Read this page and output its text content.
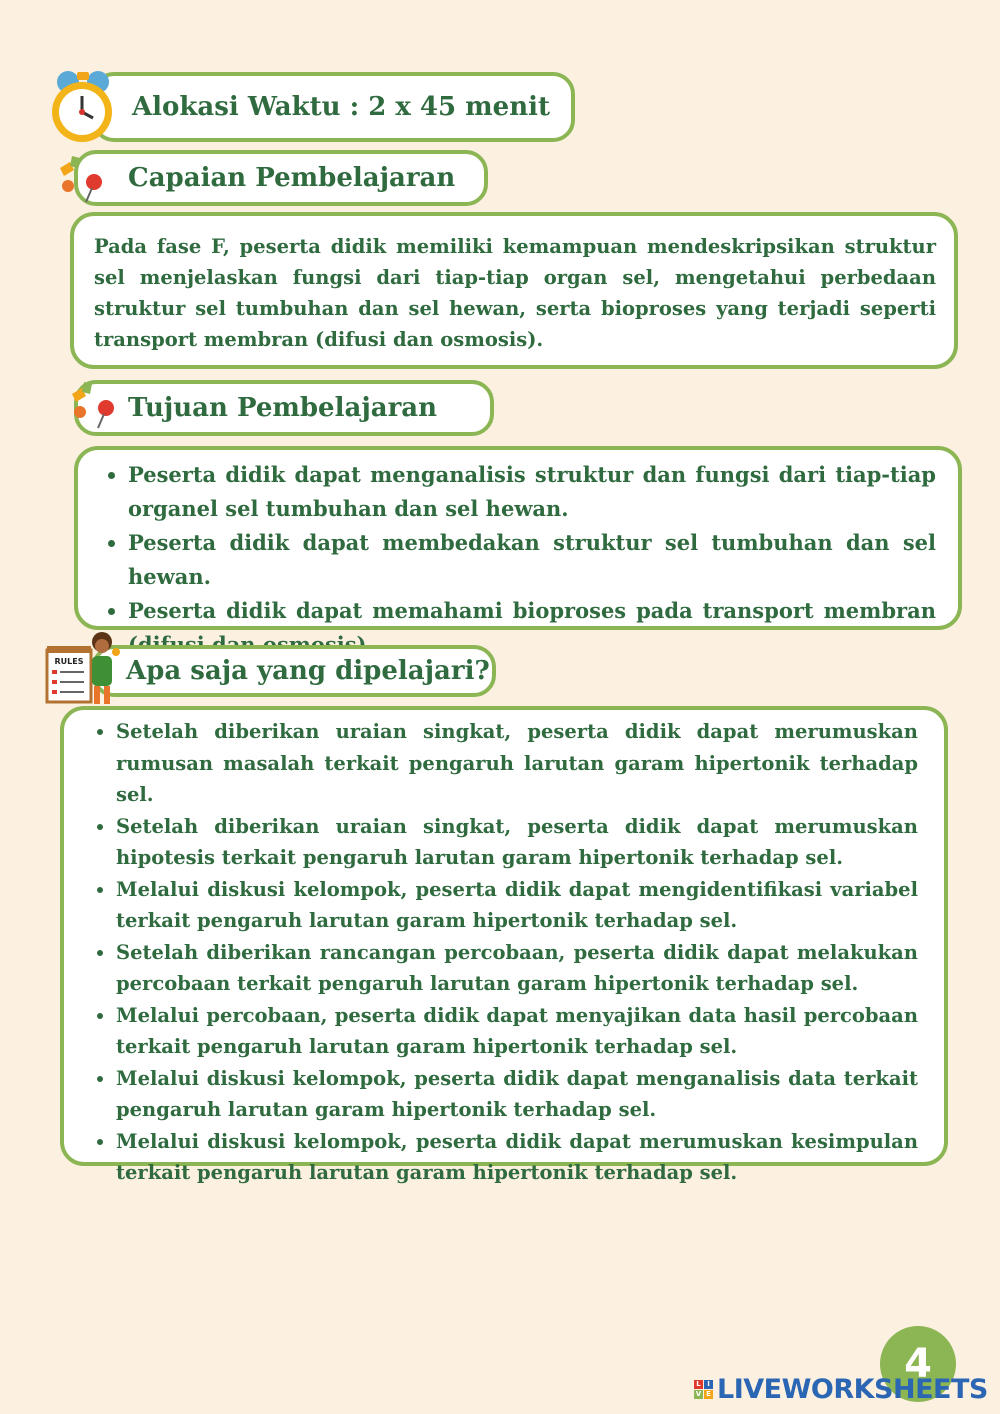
Alokasi Waktu : 2 x 45 menit
Capaian Pembelajaran

Pada fase F, peserta didik memiliki kemampuan mendeskripsikan struktur sel menjelaskan fungsi dari tiap-tiap organ sel, mengetahui perbedaan struktur sel tumbuhan dan sel hewan, serta bioproses yang terjadi seperti transport membran (difusi dan osmosis).

Tujuan Pembelajaran
• Peserta didik dapat menganalisis struktur dan fungsi dari tiap-tiap organel sel tumbuhan dan sel hewan.
• Peserta didik dapat membedakan struktur sel tumbuhan dan sel hewan.
• Peserta didik dapat memahami bioproses pada transport membran
Apa saja yang dipelajari?
RULES
• Setelah diberikan uraian singkat, peserta didik dapat merumuskan rumusan masalah terkait pengaruh larutan garam hipertonik terhadap sel.
• Setelah diberikan uraian singkat, peserta didik dapat merumuskan hipotesis terkait pengaruh larutan garam hipertonik terhadap sel.
• Melalui diskusi kelompok, peserta didik dapat mengidentifikasi variabel terkait pengaruh larutan garam hipertonik terhadap sel.
• Setelah diberikan rancangan percobaan, peserta didik dapat melakukan percobaan terkait pengaruh larutan garam hipertonik terhadap sel.
• Melalui percobaan, peserta didik dapat menyajikan data hasil percobaan terkait pengaruh larutan garam hipertonik terhadap sel.
• Melalui diskusi kelompok, peserta didik dapat menganalisis data terkait pengaruh larutan garam hipertonik terhadap sel.
• Melalui diskusi kelompok, peserta didik dapat merumuskan kesimpulan terkait pengaruh larutan garam hipertonik terhadap sel.
4
L I
V E LIVEWORKSHEETS
